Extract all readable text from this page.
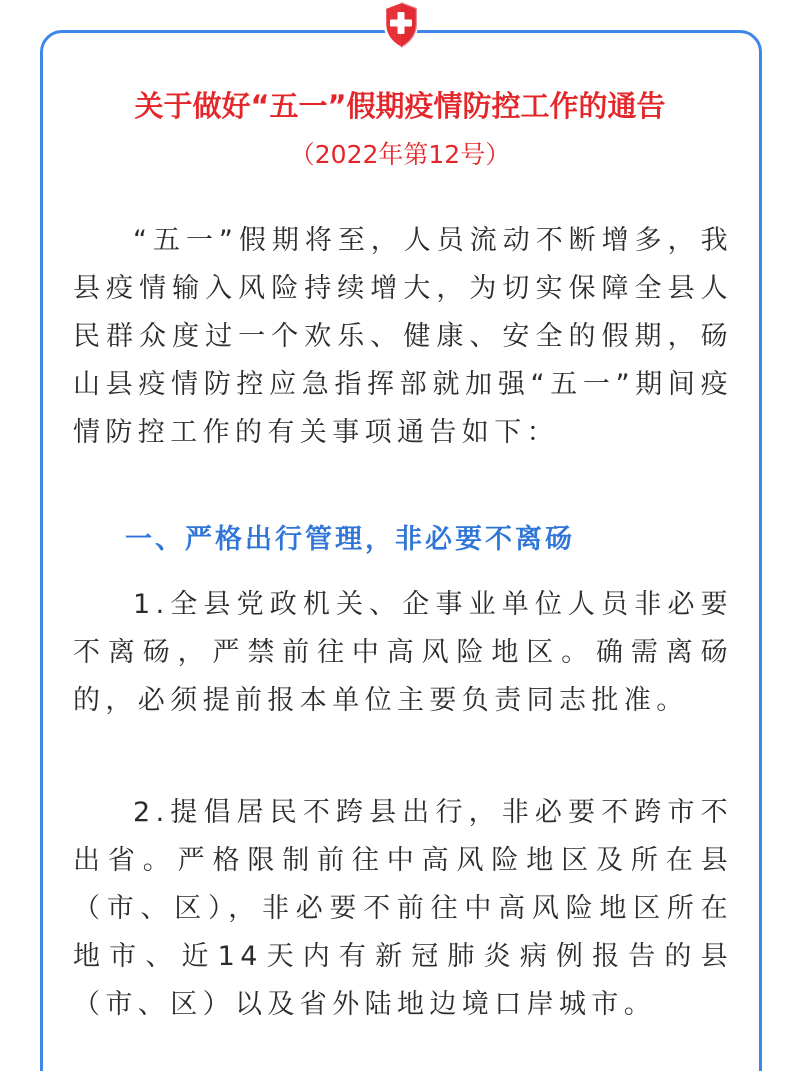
关于做好“五一”假期疫情防控工作的通告
（2022年第12号）

“五一”假期将至，人员流动不断增多，我县疫情输入风险持续增大，为切实保障全县人民群众度过一个欢乐、健康、安全的假期，砀山县疫情防控应急指挥部就加强“五一”期间疫情防控工作的有关事项通告如下：

一、严格出行管理，非必要不离砀

1.全县党政机关、企事业单位人员非必要不离砀，严禁前往中高风险地区。确需离砀的，必须提前报本单位主要负责同志批准。

2.提倡居民不跨县出行，非必要不跨市不出省。严格限制前往中高风险地区及所在县（市、区），非必要不前往中高风险地区所在地市、近14天内有新冠肺炎病例报告的县（市、区）以及省外陆地边境口岸城市。
